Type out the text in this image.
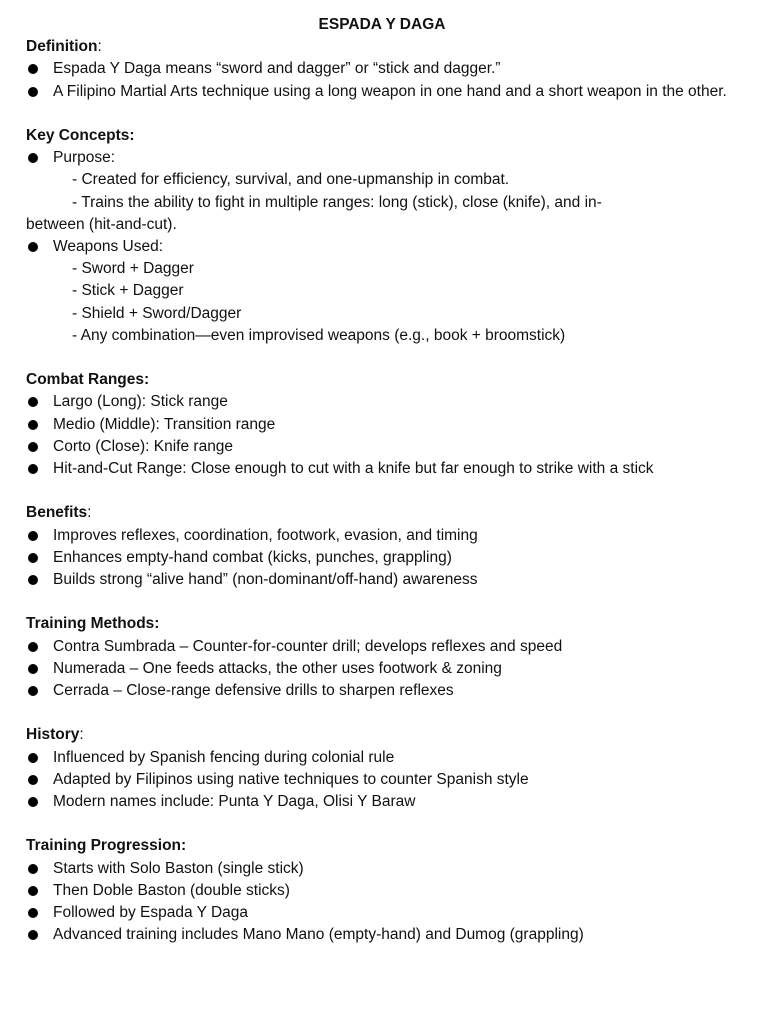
ESPADA Y DAGA

Definition:

Espada Y Daga means “sword and dagger” or “stick and dagger.”
A Filipino Martial Arts technique using a long weapon in one hand and a short weapon in the other.

Key Concepts:

Purpose:
- Created for efficiency, survival, and one-upmanship in combat.
- Trains the ability to fight in multiple ranges: long (stick), close (knife), and in-
between (hit-and-cut).
Weapons Used:
- Sword + Dagger
- Stick + Dagger
- Shield + Sword/Dagger
- Any combination—even improvised weapons (e.g., book + broomstick)

Combat Ranges:

Largo (Long): Stick range
Medio (Middle): Transition range
Corto (Close): Knife range
Hit-and-Cut Range: Close enough to cut with a knife but far enough to strike with a stick

Benefits:

Improves reflexes, coordination, footwork, evasion, and timing
Enhances empty-hand combat (kicks, punches, grappling)
Builds strong “alive hand” (non-dominant/off-hand) awareness

Training Methods:

Contra Sumbrada – Counter-for-counter drill; develops reflexes and speed
Numerada – One feeds attacks, the other uses footwork & zoning
Cerrada – Close-range defensive drills to sharpen reflexes

History:

Influenced by Spanish fencing during colonial rule
Adapted by Filipinos using native techniques to counter Spanish style
Modern names include: Punta Y Daga, Olisi Y Baraw

Training Progression:

Starts with Solo Baston (single stick)
Then Doble Baston (double sticks)
Followed by Espada Y Daga
Advanced training includes Mano Mano (empty-hand) and Dumog (grappling)
